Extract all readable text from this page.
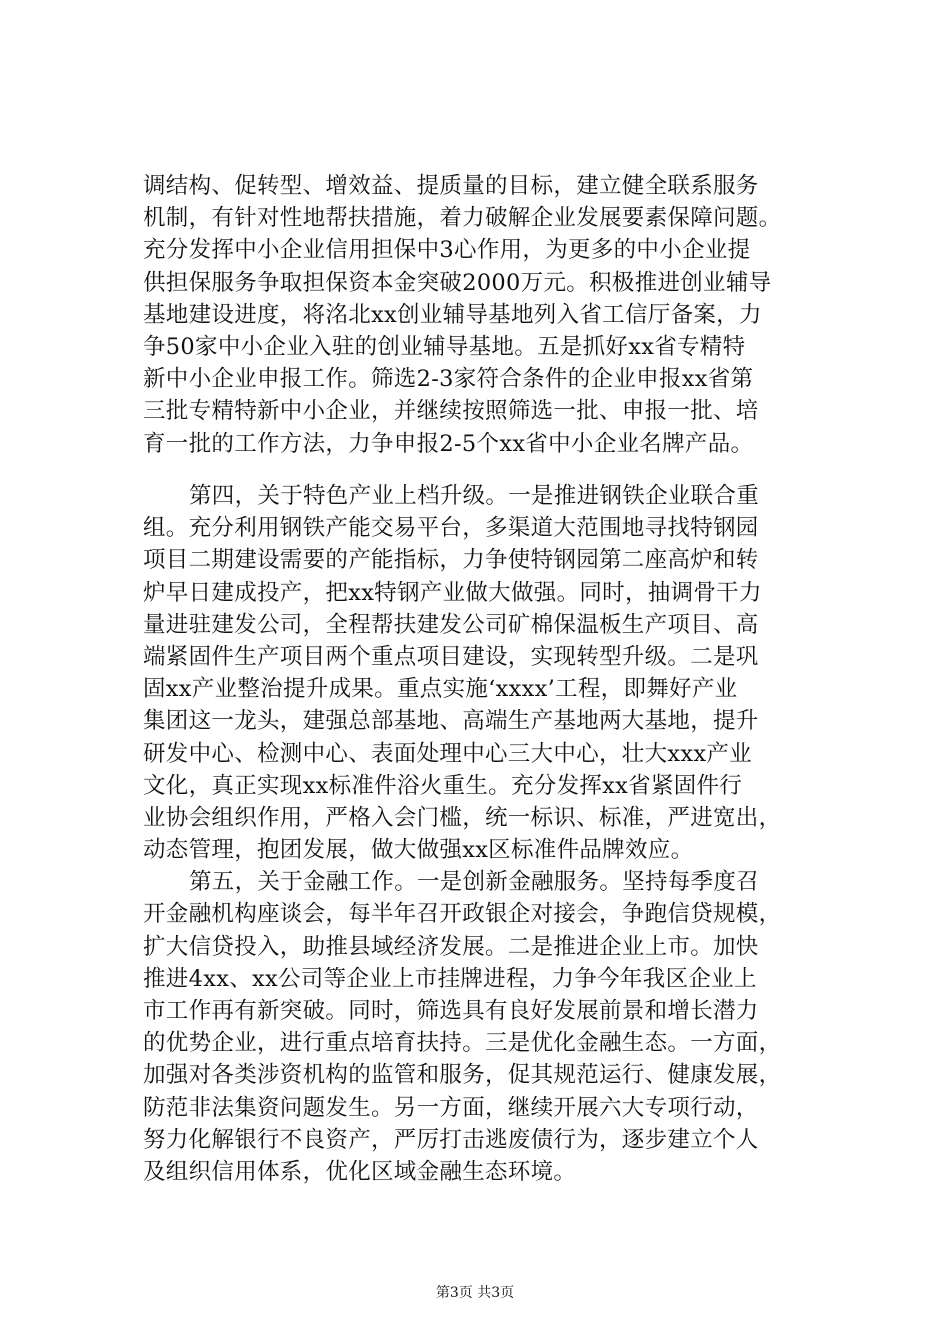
调结构、促转型、增效益、提质量的目标，建立健全联系服务
机制，有针对性地帮扶措施，着力破解企业发展要素保障问题。
充分发挥中小企业信用担保中3心作用，为更多的中小企业提
供担保服务争取担保资本金突破2000万元。积极推进创业辅导
基地建设进度，将洺北xx创业辅导基地列入省工信厅备案，力
争50家中小企业入驻的创业辅导基地。五是抓好xx省专精特
新中小企业申报工作。筛选2-3家符合条件的企业申报xx省第
三批专精特新中小企业，并继续按照筛选一批、申报一批、培
育一批的工作方法，力争申报2-5个xx省中小企业名牌产品。
第四，关于特色产业上档升级。一是推进钢铁企业联合重
组。充分利用钢铁产能交易平台，多渠道大范围地寻找特钢园
项目二期建设需要的产能指标，力争使特钢园第二座高炉和转
炉早日建成投产，把xx特钢产业做大做强。同时，抽调骨干力
量进驻建发公司，全程帮扶建发公司矿棉保温板生产项目、高
端紧固件生产项目两个重点项目建设，实现转型升级。二是巩
固xx产业整治提升成果。重点实施‘xxxx’工程，即舞好产业
集团这一龙头，建强总部基地、高端生产基地两大基地，提升
研发中心、检测中心、表面处理中心三大中心，壮大xxx产业
文化，真正实现xx标准件浴火重生。充分发挥xx省紧固件行
业协会组织作用，严格入会门槛，统一标识、标准，严进宽出，
动态管理，抱团发展，做大做强xx区标准件品牌效应。
第五，关于金融工作。一是创新金融服务。坚持每季度召
开金融机构座谈会，每半年召开政银企对接会，争跑信贷规模，
扩大信贷投入，助推县域经济发展。二是推进企业上市。加快
推进4xx、xx公司等企业上市挂牌进程，力争今年我区企业上
市工作再有新突破。同时，筛选具有良好发展前景和增长潜力
的优势企业，进行重点培育扶持。三是优化金融生态。一方面，
加强对各类涉资机构的监管和服务，促其规范运行、健康发展，
防范非法集资问题发生。另一方面，继续开展六大专项行动，
努力化解银行不良资产，严厉打击逃废债行为，逐步建立个人
及组织信用体系，优化区域金融生态环境。
第3页 共3页
